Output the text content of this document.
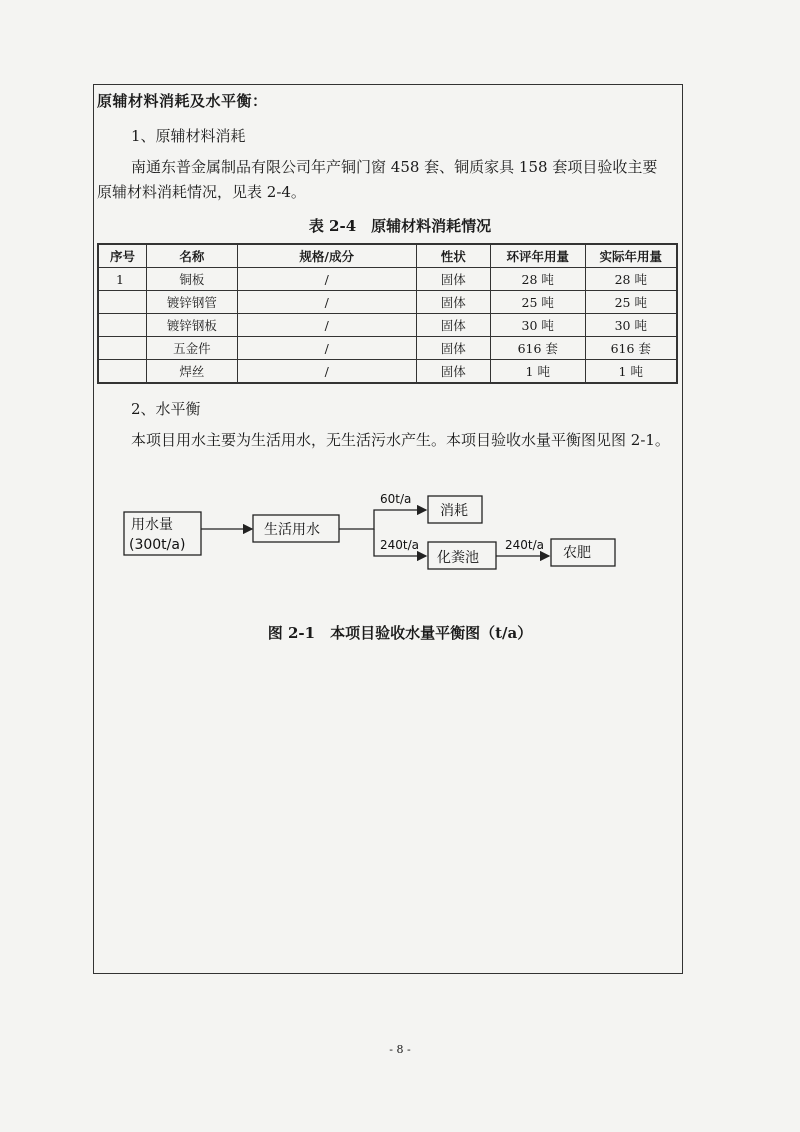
原辅材料消耗及水平衡：
1、原辅材料消耗
南通东普金属制品有限公司年产铜门窗 458 套、铜质家具 158 套项目验收主要
原辅材料消耗情况，见表 2-4。
表 2-4　原辅材料消耗情况
序号	名称	规格/成分	性状	环评年用量	实际年用量
1	铜板	/	固体	28 吨	28 吨
	镀锌钢管	/	固体	25 吨	25 吨
	镀锌钢板	/	固体	30 吨	30 吨
	五金件	/	固体	616 套	616 套
	焊丝	/	固体	1 吨	1 吨
2、水平衡
本项目用水主要为生活用水，无生活污水产生。本项目验收水量平衡图见图 2-1。
用水量
(300t/a)
生活用水
消耗
化粪池	农肥
60t/a
240t/a	240t/a
图 2-1　本项目验收水量平衡图（t/a）
- 8 -
